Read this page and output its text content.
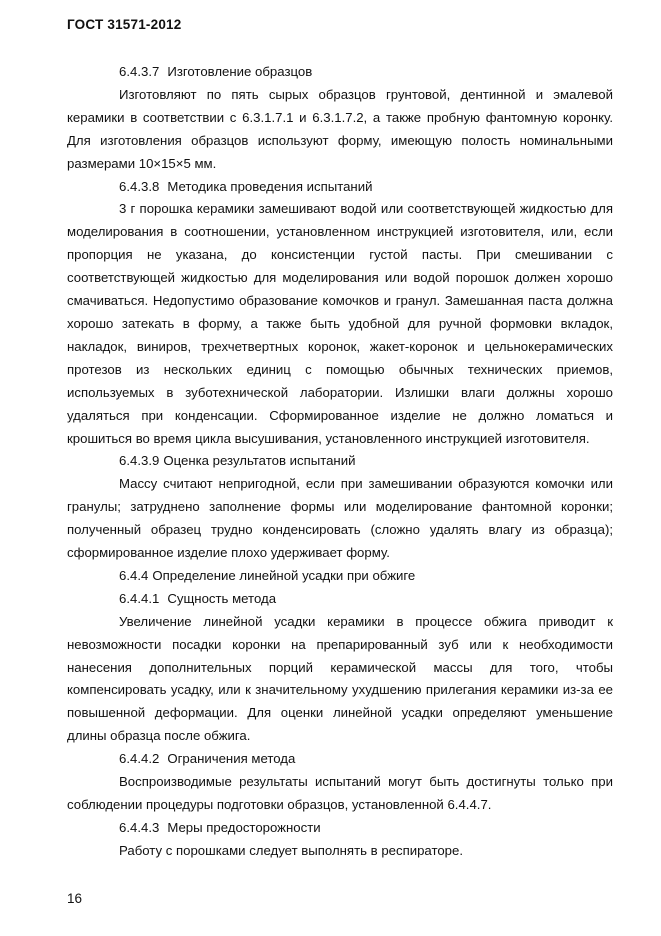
ГОСТ 31571-2012

6.4.3.7 Изготовление образцов

Изготовляют по пять сырых образцов грунтовой, дентинной и эмалевой керамики в соответствии с 6.3.1.7.1 и 6.3.1.7.2, а также пробную фантомную коронку. Для изготовления образцов используют форму, имеющую полость номинальными размерами 10×15×5 мм.

6.4.3.8 Методика проведения испытаний

3 г порошка керамики замешивают водой или соответствующей жидкостью для моделирования в соотношении, установленном инструкцией изготовителя, или, если пропорция не указана, до консистенции густой пасты. При смешивании с соответствующей жидкостью для моделирования или водой порошок должен хорошо смачиваться. Недопустимо образование комочков и гранул. Замешанная паста должна хорошо затекать в форму, а также быть удобной для ручной формовки вкладок, накладок, виниров, трехчетвертных коронок, жакет-коронок и цельнокерамических протезов из нескольких единиц с помощью обычных технических приемов, используемых в зуботехнической лаборатории. Излишки влаги должны хорошо удаляться при конденсации. Сформированное изделие не должно ломаться и крошиться во время цикла высушивания, установленного инструкцией изготовителя.

6.4.3.9 Оценка результатов испытаний

Массу считают непригодной, если при замешивании образуются комочки или гранулы; затруднено заполнение формы или моделирование фантомной коронки; полученный образец трудно конденсировать (сложно удалять влагу из образца); сформированное изделие плохо удерживает форму.

6.4.4 Определение линейной усадки при обжиге

6.4.4.1 Сущность метода

Увеличение линейной усадки керамики в процессе обжига приводит к невозможности посадки коронки на препарированный зуб или к необходимости нанесения дополнительных порций керамической массы для того, чтобы компенсировать усадку, или к значительному ухудшению прилегания керамики из-за ее повышенной деформации. Для оценки линейной усадки определяют уменьшение длины образца после обжига.

6.4.4.2 Ограничения метода

Воспроизводимые результаты испытаний могут быть достигнуты только при соблюдении процедуры подготовки образцов, установленной 6.4.4.7.

6.4.4.3 Меры предосторожности

Работу с порошками следует выполнять в респираторе.

16
